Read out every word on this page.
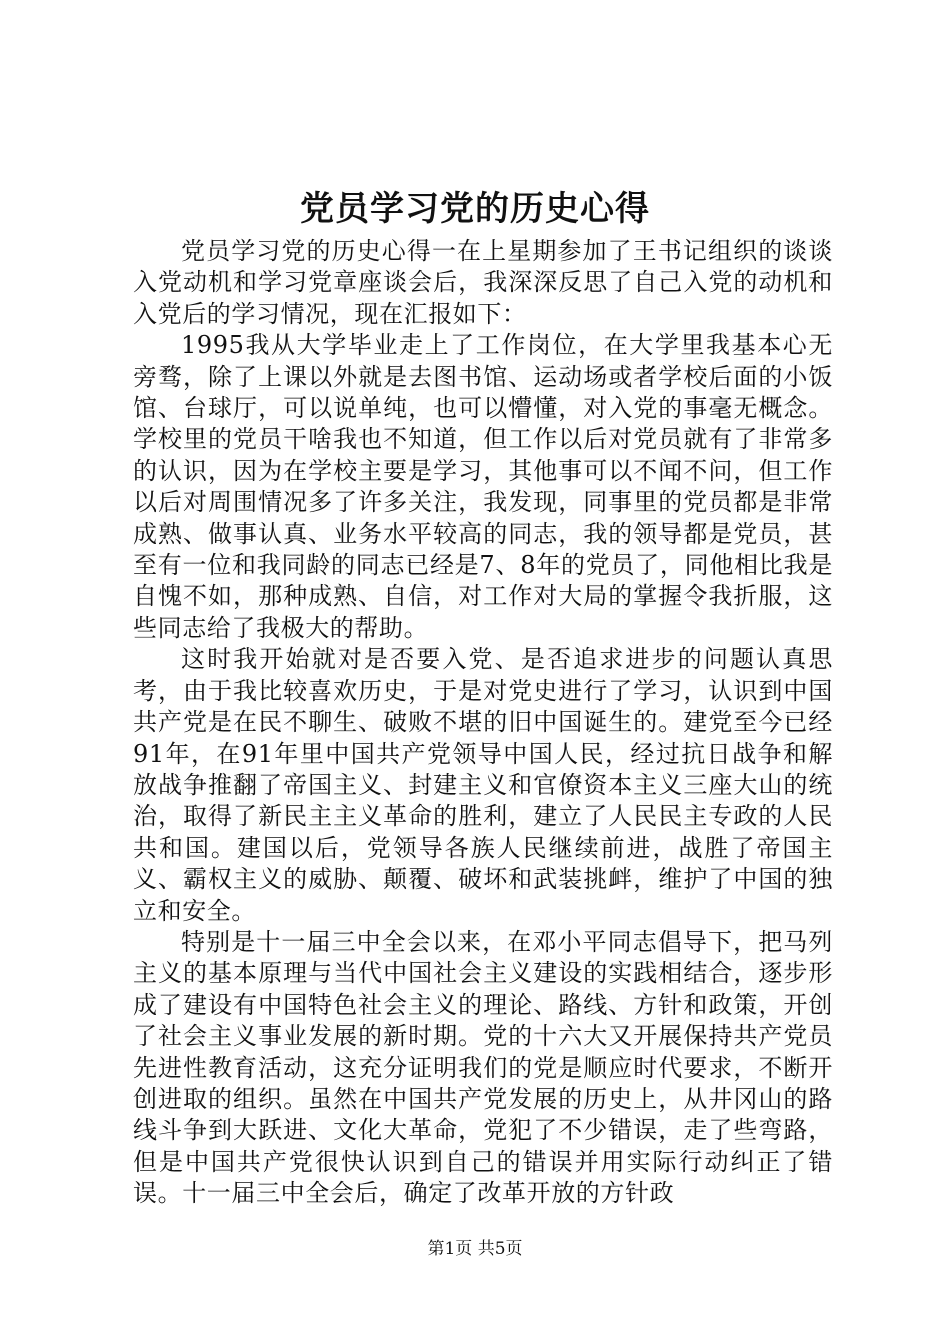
党员学习党的历史心得

党员学习党的历史心得一在上星期参加了王书记组织的谈谈入党动机和学习党章座谈会后，我深深反思了自己入党的动机和入党后的学习情况，现在汇报如下：

1995我从大学毕业走上了工作岗位，在大学里我基本心无旁骛，除了上课以外就是去图书馆、运动场或者学校后面的小饭馆、台球厅，可以说单纯，也可以懵懂，对入党的事毫无概念。学校里的党员干啥我也不知道，但工作以后对党员就有了非常多的认识，因为在学校主要是学习，其他事可以不闻不问，但工作以后对周围情况多了许多关注，我发现，同事里的党员都是非常成熟、做事认真、业务水平较高的同志，我的领导都是党员，甚至有一位和我同龄的同志已经是7、8年的党员了，同他相比我是自愧不如，那种成熟、自信，对工作对大局的掌握令我折服，这些同志给了我极大的帮助。

这时我开始就对是否要入党、是否追求进步的问题认真思考，由于我比较喜欢历史，于是对党史进行了学习，认识到中国共产党是在民不聊生、破败不堪的旧中国诞生的。建党至今已经91年，在91年里中国共产党领导中国人民，经过抗日战争和解放战争推翻了帝国主义、封建主义和官僚资本主义三座大山的统治，取得了新民主主义革命的胜利，建立了人民民主专政的人民共和国。建国以后，党领导各族人民继续前进，战胜了帝国主义、霸权主义的威胁、颠覆、破坏和武装挑衅，维护了中国的独立和安全。

特别是十一届三中全会以来，在邓小平同志倡导下，把马列主义的基本原理与当代中国社会主义建设的实践相结合，逐步形成了建设有中国特色社会主义的理论、路线、方针和政策，开创了社会主义事业发展的新时期。党的十六大又开展保持共产党员先进性教育活动，这充分证明我们的党是顺应时代要求，不断开创进取的组织。虽然在中国共产党发展的历史上，从井冈山的路线斗争到大跃进、文化大革命，党犯了不少错误，走了些弯路，但是中国共产党很快认识到自己的错误并用实际行动纠正了错误。十一届三中全会后，确定了改革开放的方针政

第1页 共5页
